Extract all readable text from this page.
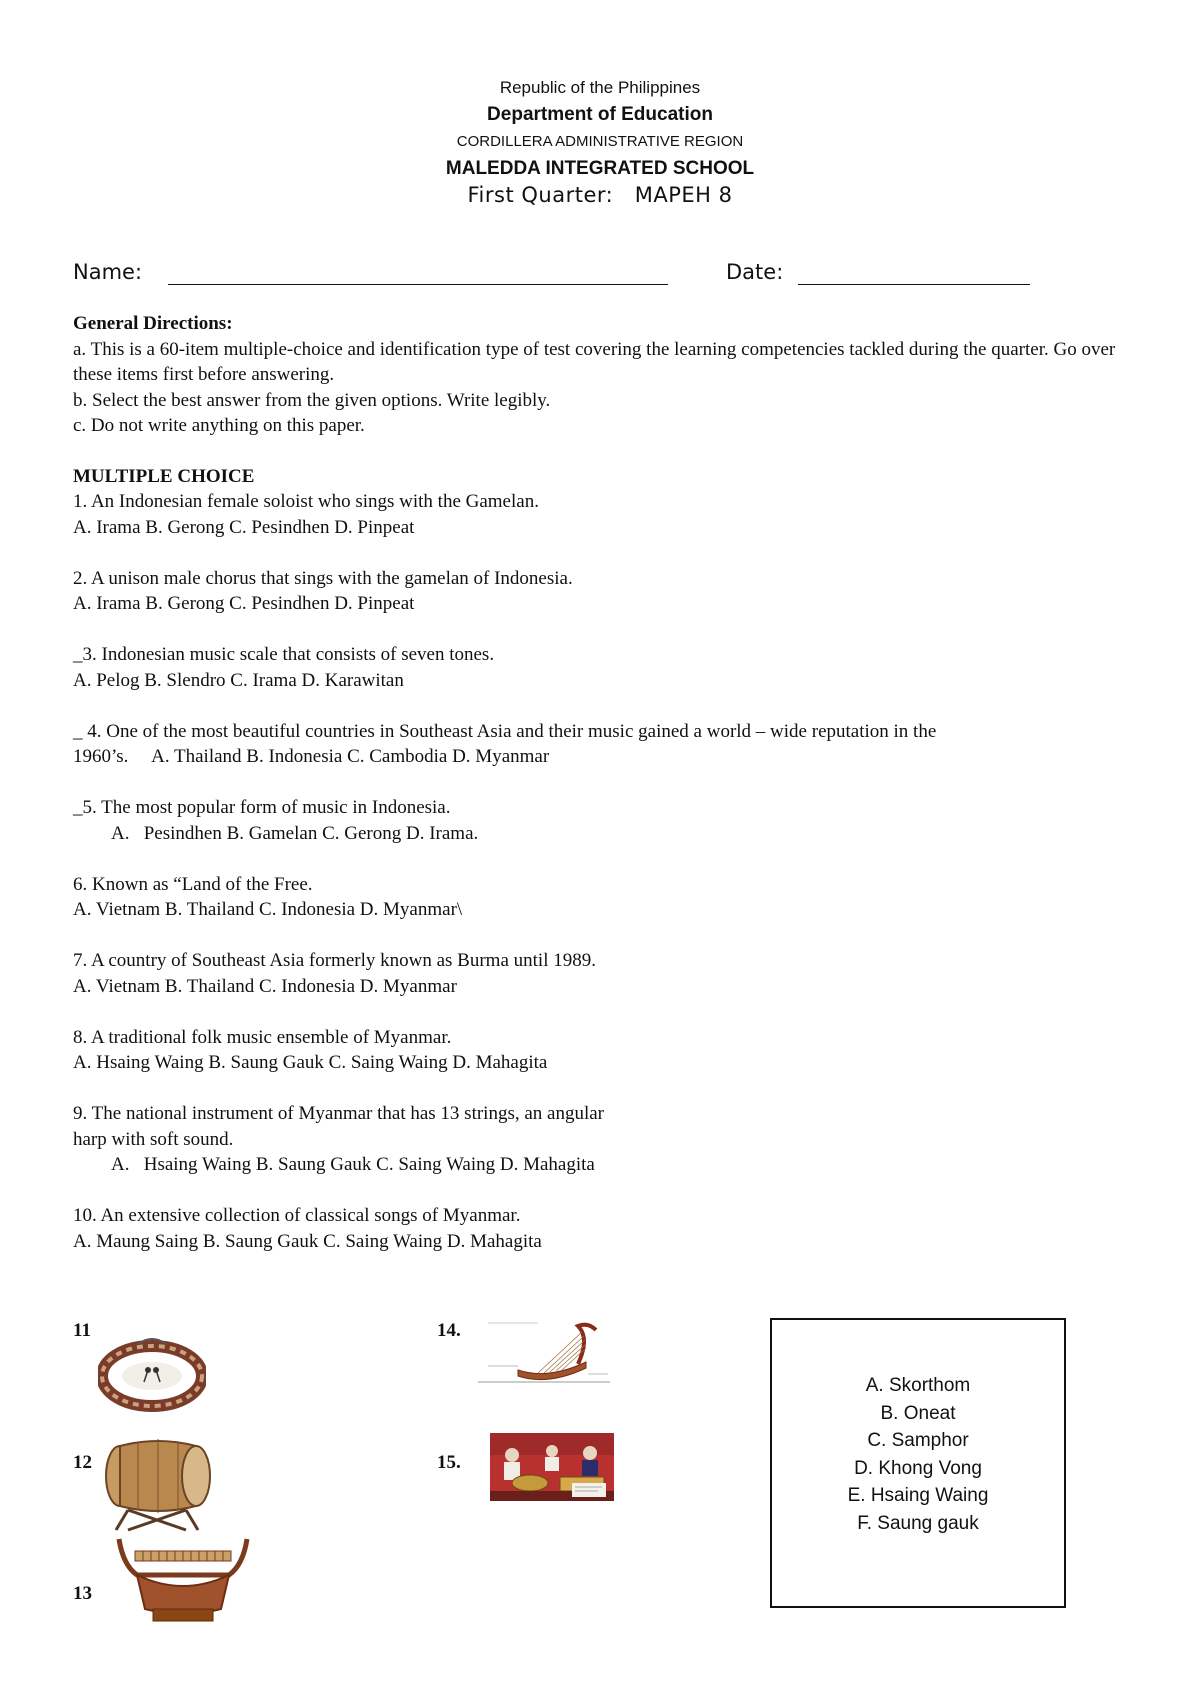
Republic of the Philippines
Department of Education
CORDILLERA ADMINISTRATIVE REGION
MALEDDA INTEGRATED SCHOOL
First Quarter:   MAPEH 8
Name:	Date:
General Directions:
a. This is a 60-item multiple-choice and identification type of test covering the learning competencies tackled during the quarter. Go over these items first before answering.
b. Select the best answer from the given options. Write legibly.
c. Do not write anything on this paper.
MULTIPLE CHOICE
1. An Indonesian female soloist who sings with the Gamelan.
A. Irama B. Gerong C. Pesindhen D. Pinpeat
2. A unison male chorus that sings with the gamelan of Indonesia.
A. Irama B. Gerong C. Pesindhen D. Pinpeat
_3. Indonesian music scale that consists of seven tones.
A. Pelog B. Slendro C. Irama D. Karawitan
_ 4. One of the most beautiful countries in Southeast Asia and their music gained a world – wide reputation in the
1960’s.     A. Thailand B. Indonesia C. Cambodia D. Myanmar
_5. The most popular form of music in Indonesia.
A.   Pesindhen B. Gamelan C. Gerong D. Irama.
6. Known as “Land of the Free.
A. Vietnam B. Thailand C. Indonesia D. Myanmar\
7. A country of Southeast Asia formerly known as Burma until 1989.
A. Vietnam B. Thailand C. Indonesia D. Myanmar
8. A traditional folk music ensemble of Myanmar.
A. Hsaing Waing B. Saung Gauk C. Saing Waing D. Mahagita
9. The national instrument of Myanmar that has 13 strings, an angular
harp with soft sound.
A.   Hsaing Waing B. Saung Gauk C. Saing Waing D. Mahagita
10. An extensive collection of classical songs of Myanmar.
A. Maung Saing B. Saung Gauk C. Saing Waing D. Mahagita
11
12
13
14.
15.
A. Skorthom
B. Oneat
C. Samphor
D. Khong Vong
E. Hsaing Waing
F. Saung gauk
